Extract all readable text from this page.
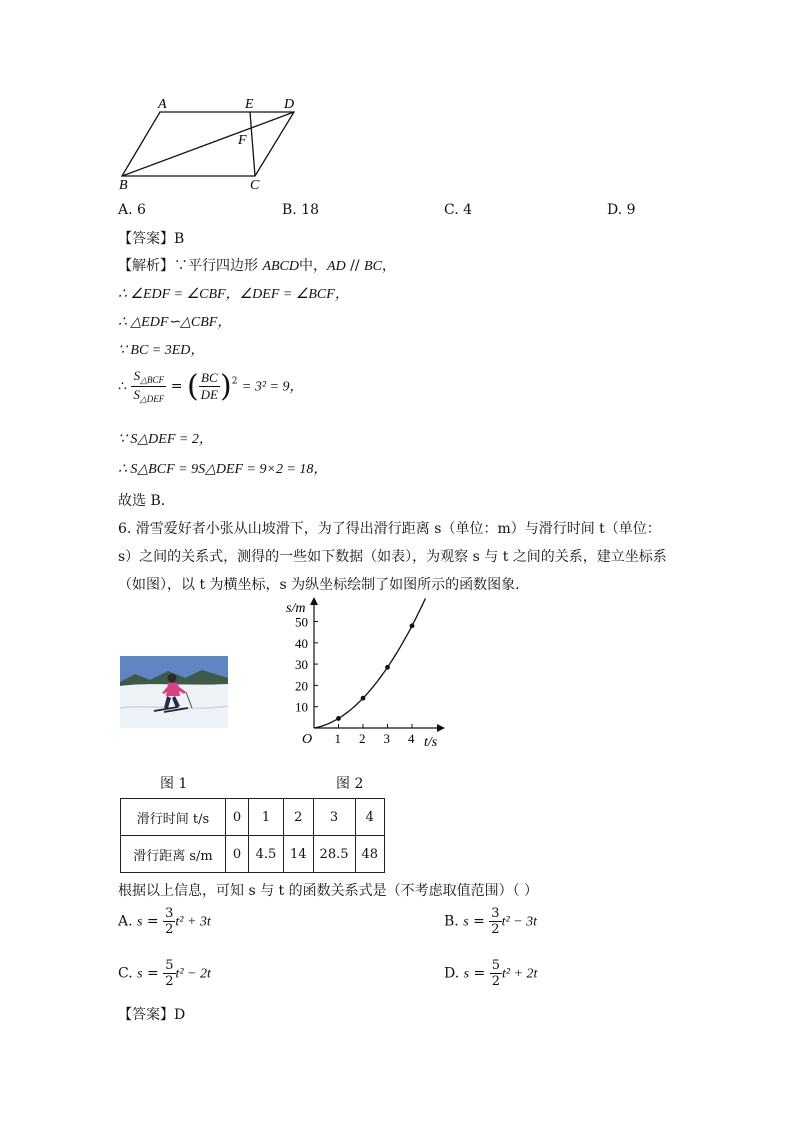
A	E D
F
B	C
A. 6	B. 18	C. 4	D. 9
【答案】B
【解析】∵平行四边形 ABCD中，AD // BC，
∴ ∠EDF = ∠CBF，∠DEF = ∠BCF，
∴ △EDF∽△CBF，
∵ BC = 3ED，
∴ $\frac{S_{\triangle BCF}}{S_{\triangle DEF}}$ = ( $\frac{BC}{DE} )^2 = 3^2 = 9$，
∵ S△DEF = 2，
∴ S△BCF = 9S△DEF = 9×2 = 18，
故选 B．
6. 滑雪爱好者小张从山坡滑下，为了得出滑行距离 s（单位：m）与滑行时间 t（单位：
s）之间的关系式，测得的一些如下数据（如表），为观察 s 与 t 之间的关系，建立坐标系
（如图），以 t 为横坐标，s 为纵坐标绘制了如图所示的函数图象.
s/m
t/s
O 1 2 3 4
10
20
30
40
50
图 1	图 2
滑行时间 t/s	0	1	2	3	4
滑行距离 s/m	0	4.5	14	28.5	48
根据以上信息，可知 s 与 t 的函数关系式是（不考虑取值范围）（ ）
A. $s = \frac{3}{2} t^2 + 3t$	B. $s = \frac{3}{2} t^2 - 3t$
C. $s = \frac{5}{2} t^2 - 2t$	D. $s = \frac{5}{2} t^2 + 2t$
【答案】D
